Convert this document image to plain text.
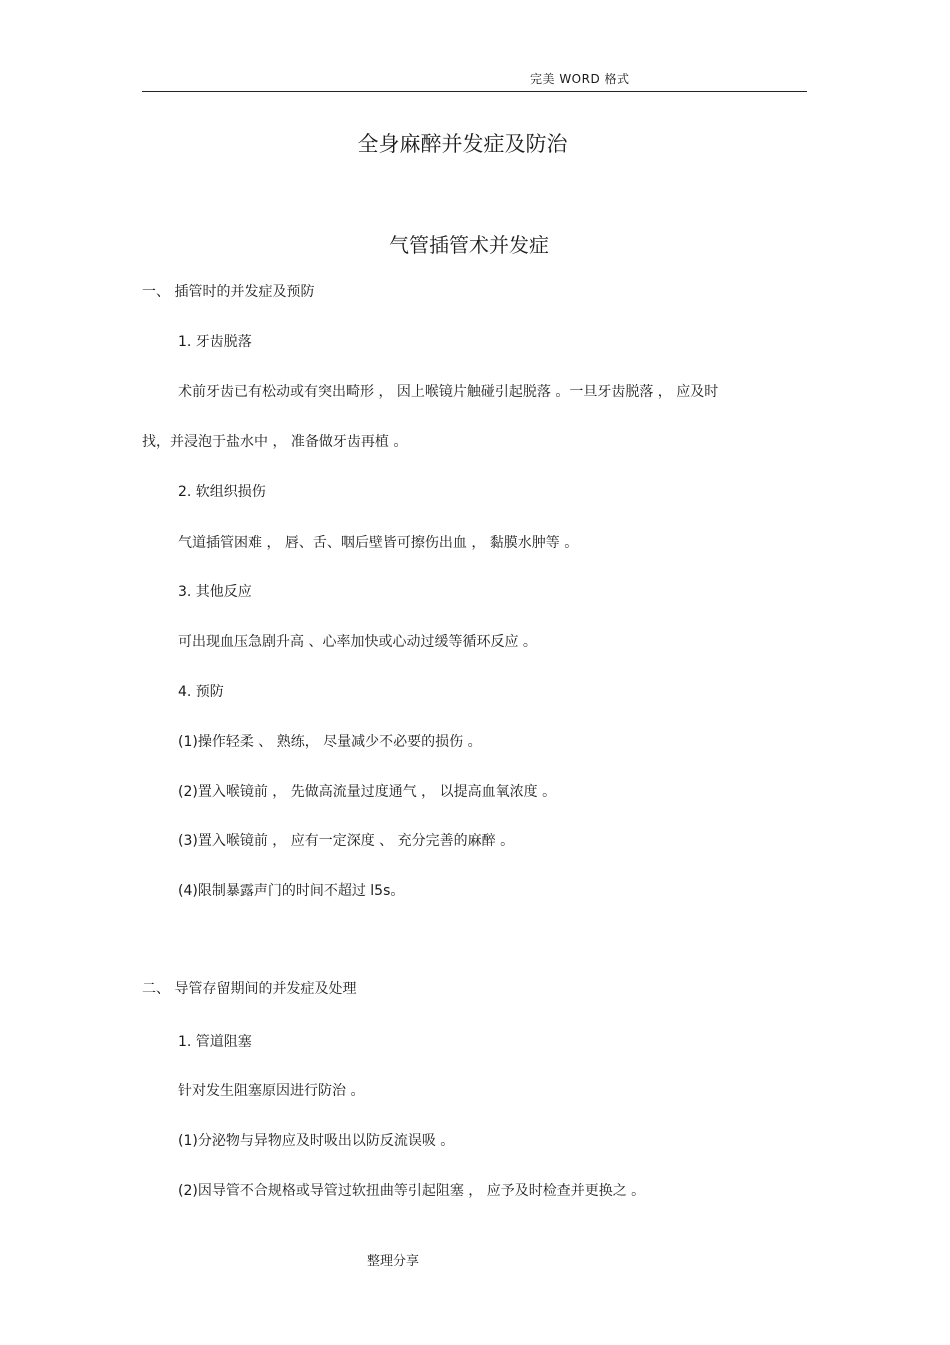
完美 WORD 格式
全身麻醉并发症及防治
气管插管术并发症
一、 插管时的并发症及预防
1. 牙齿脱落
术前牙齿已有松动或有突出畸形 ， 因上喉镜片触碰引起脱落 。一旦牙齿脱落 ， 应及时
找，并浸泡于盐水中 ， 准备做牙齿再植 。
2. 软组织损伤
气道插管困难 ， 唇、舌、咽后壁皆可擦伤出血 ， 黏膜水肿等 。
3. 其他反应
可出现血压急剧升高 、心率加快或心动过缓等循环反应 。
4. 预防
(1)操作轻柔 、 熟练， 尽量减少不必要的损伤 。
(2)置入喉镜前 ， 先做高流量过度通气 ， 以提高血氧浓度 。
(3)置入喉镜前 ， 应有一定深度 、 充分完善的麻醉 。
(4)限制暴露声门的时间不超过 l5s。
二、 导管存留期间的并发症及处理
1. 管道阻塞
针对发生阻塞原因进行防治 。
(1)分泌物与异物应及时吸出以防反流误吸 。
(2)因导管不合规格或导管过软扭曲等引起阻塞 ， 应予及时检查并更换之 。
整理分享
